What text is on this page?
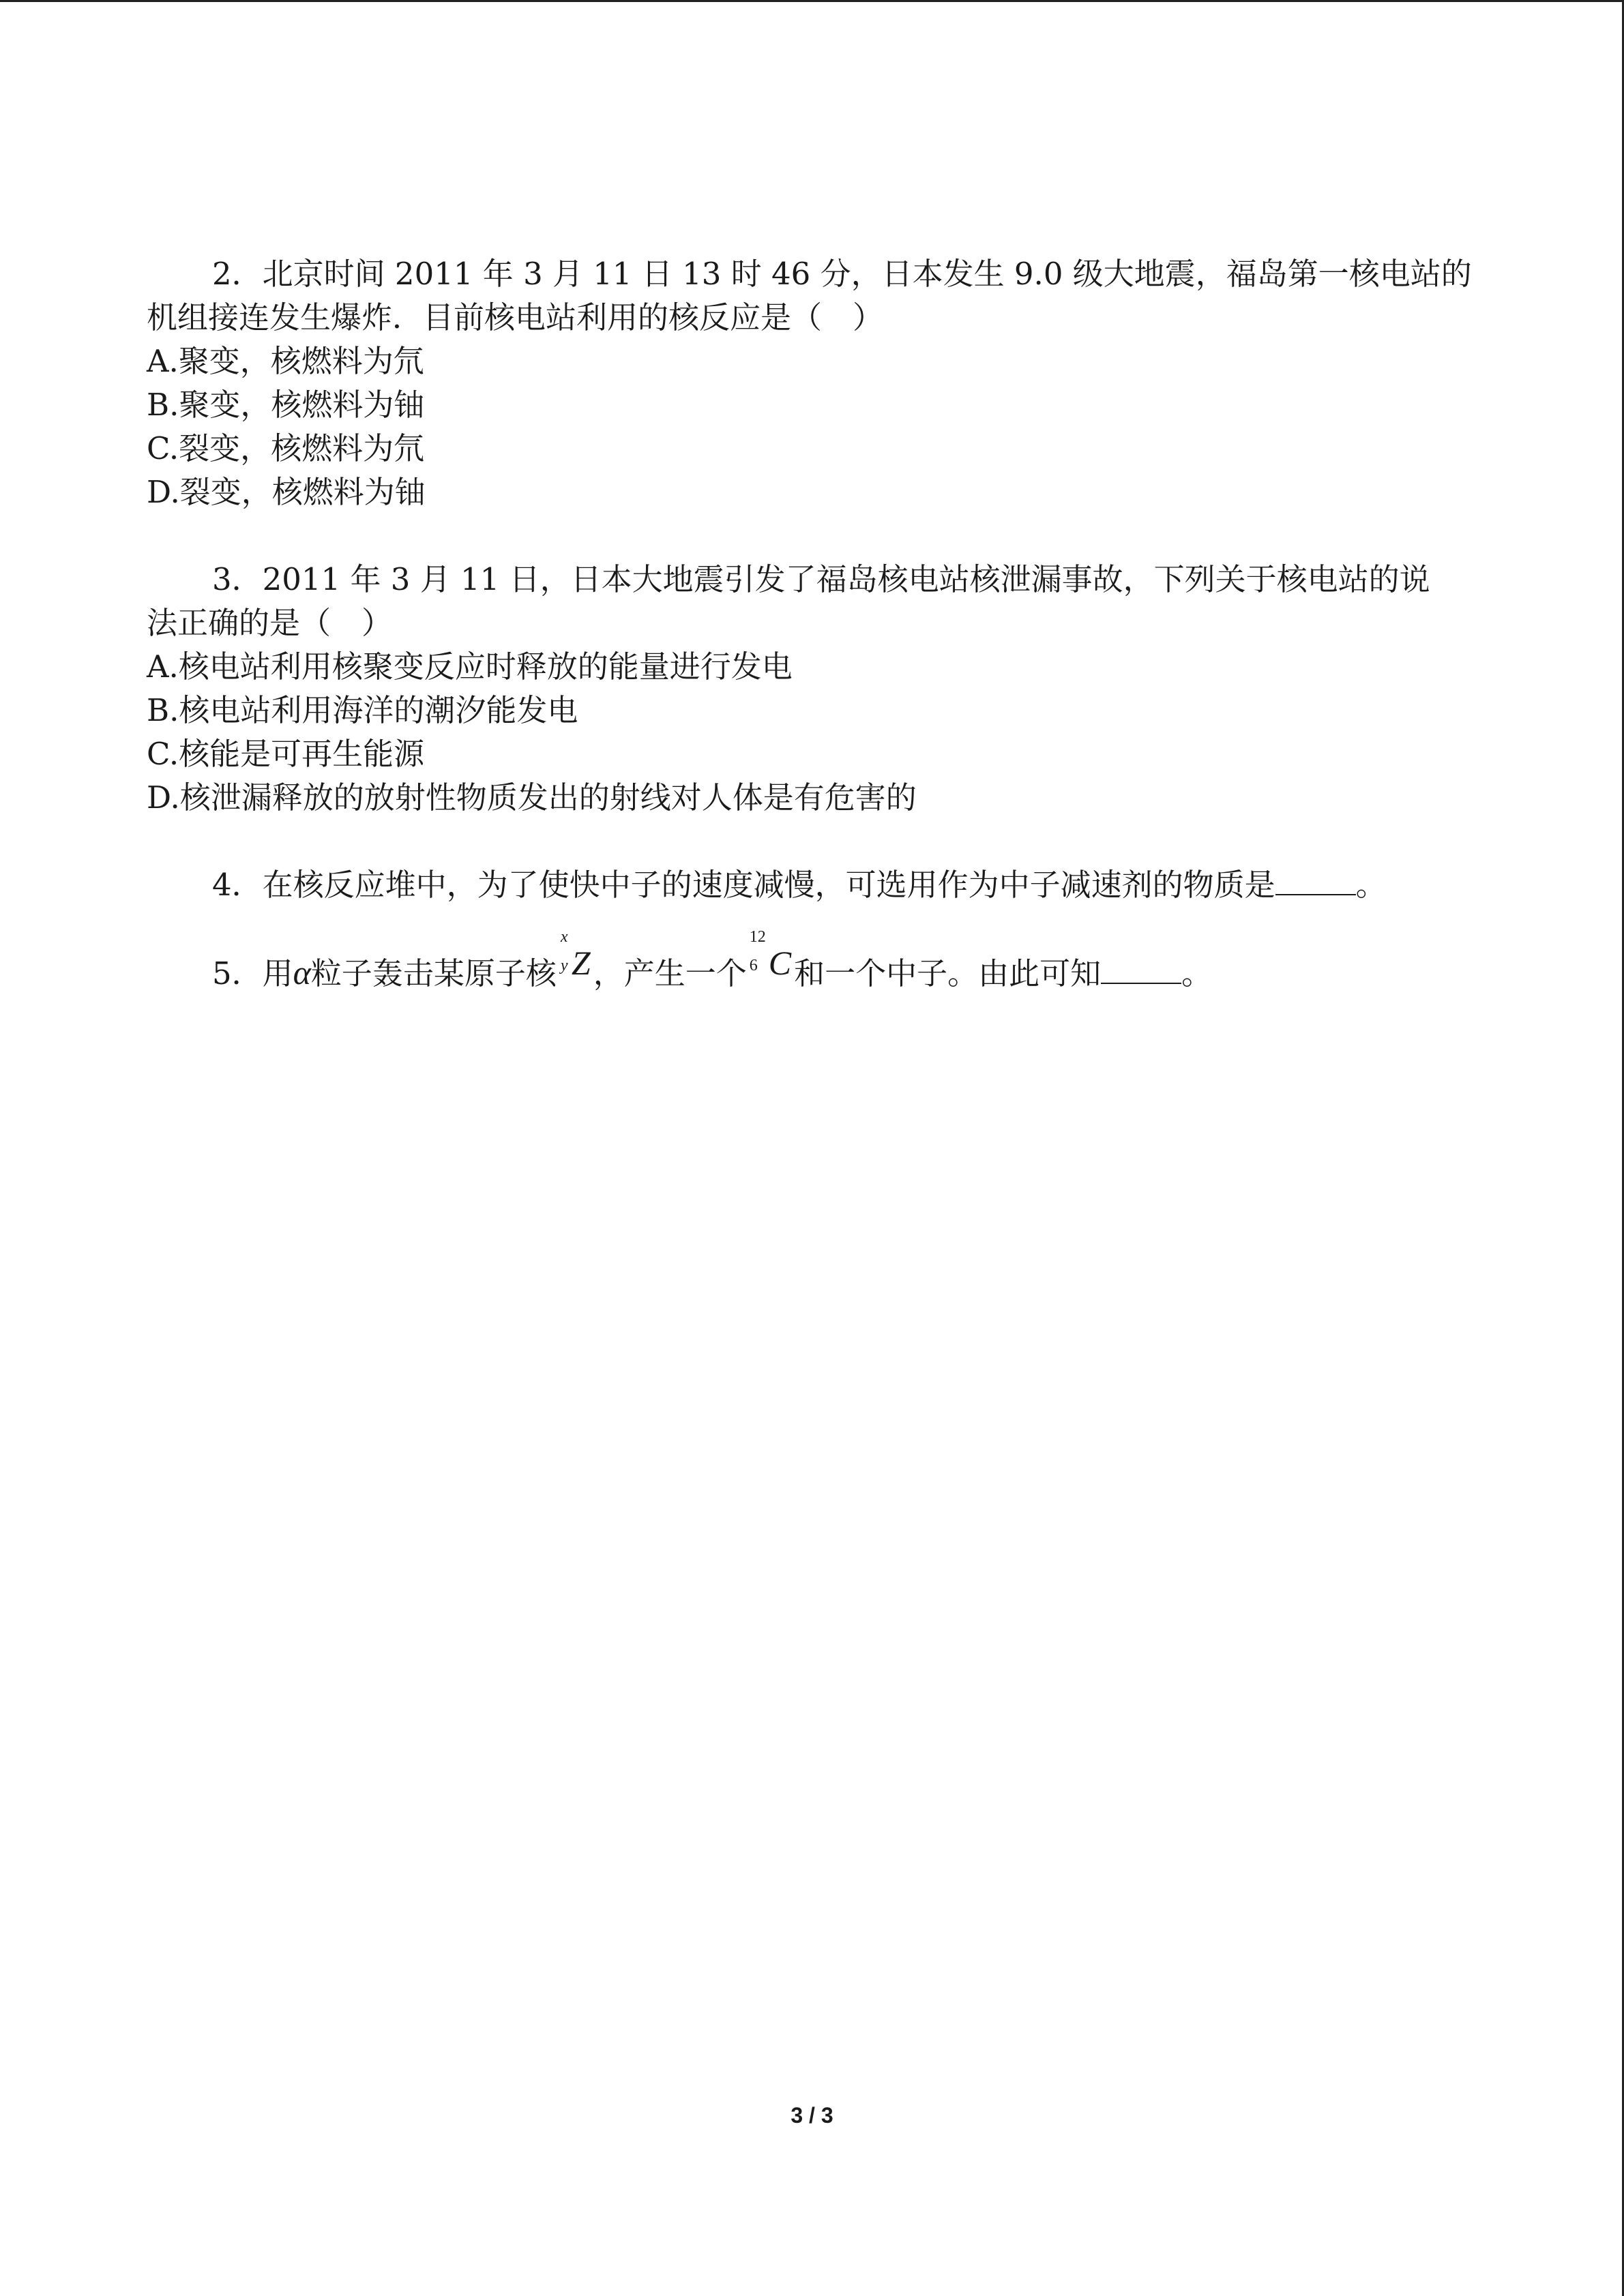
2．北京时间 2011 年 3 月 11 日 13 时 46 分，日本发生 9.0 级大地震，福岛第一核电站的
机组接连发生爆炸．目前核电站利用的核反应是（　）
A.聚变，核燃料为氘
B.聚变，核燃料为铀
C.裂变，核燃料为氘
D.裂变，核燃料为铀
3．2011 年 3 月 11 日，日本大地震引发了福岛核电站核泄漏事故，下列关于核电站的说
法正确的是（　）
A.核电站利用核聚变反应时释放的能量进行发电
B.核电站利用海洋的潮汐能发电
C.核能是可再生能源
D.核泄漏释放的放射性物质发出的射线对人体是有危害的
4．在核反应堆中，为了使快中子的速度减慢，可选用作为中子减速剂的物质是	。
5．用α粒子轰击某原子核
x
y Z，产生一个
12
6 C和一个中子。由此可知	。
3 / 3
